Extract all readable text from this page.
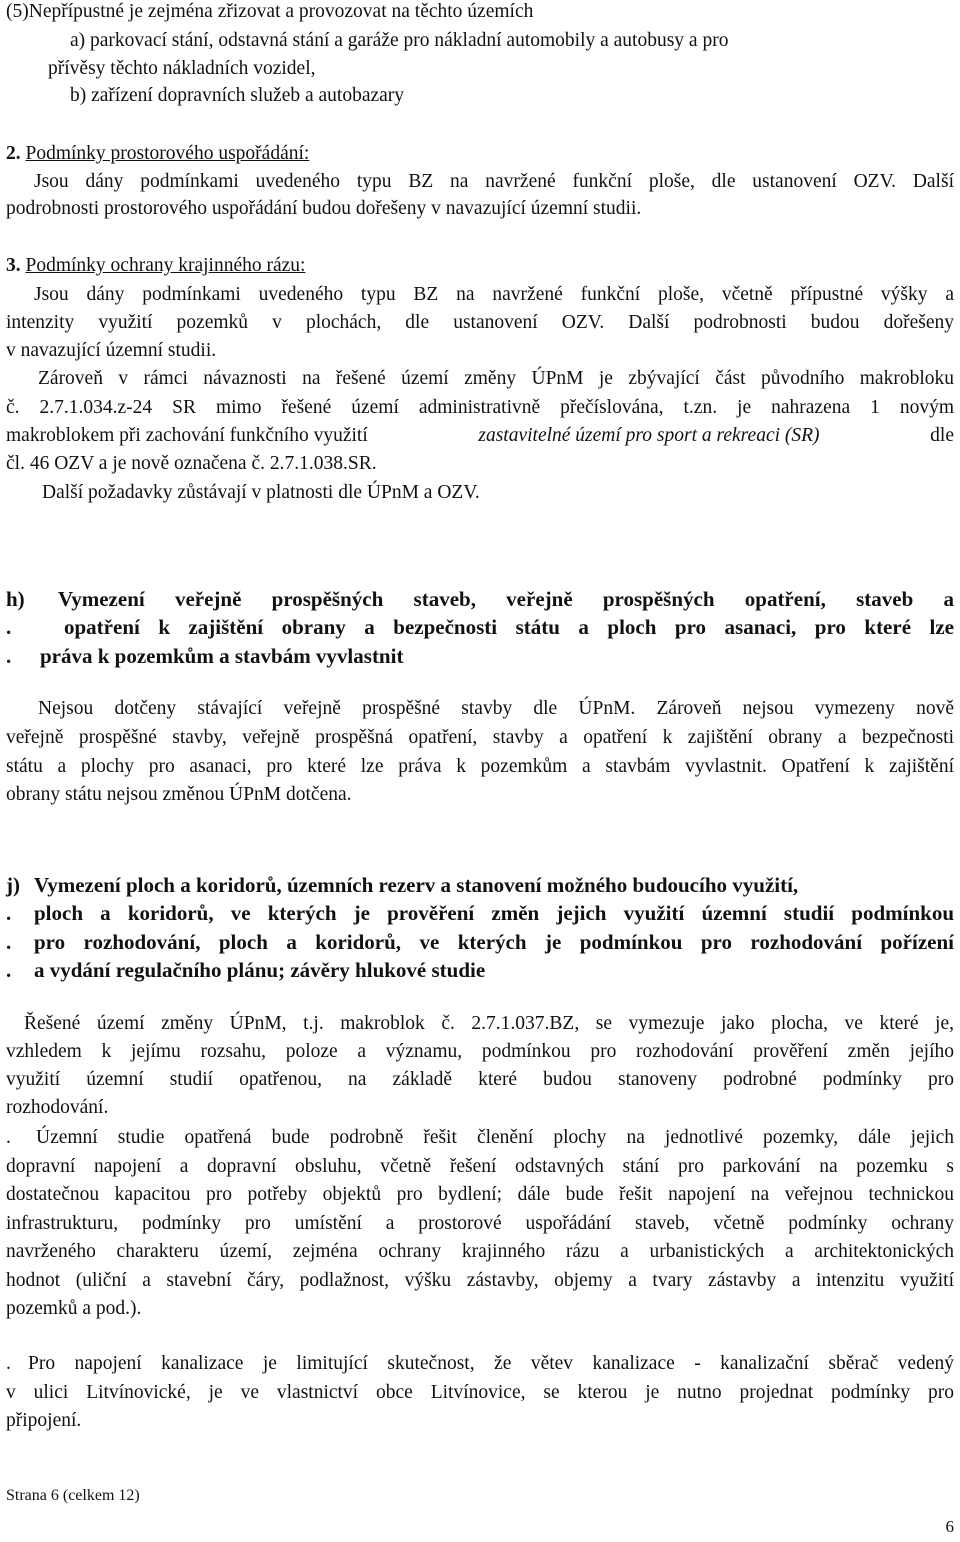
(5)Nepřípustné je zejména zřizovat a provozovat na těchto územích
a) parkovací stání, odstavná stání a garáže pro nákladní automobily a autobusy a pro
přívěsy těchto nákladních vozidel,
b) zařízení dopravních služeb a autobazary
2. Podmínky prostorového uspořádání:
Jsou dány podmínkami uvedeného typu BZ na navržené funkční ploše, dle ustanovení OZV. Další
podrobnosti prostorového uspořádání budou dořešeny v navazující územní studii.
3. Podmínky ochrany krajinného rázu:
Jsou dány podmínkami uvedeného typu BZ na navržené funkční ploše, včetně přípustné výšky a
intenzity využití pozemků v plochách, dle ustanovení OZV. Další podrobnosti budou dořešeny
v navazující územní studii.
Zároveň v rámci návaznosti na řešené území změny ÚPnM je zbývající část původního makrobloku
č. 2.7.1.034.z-24 SR mimo řešené území administrativně přečíslována, t.zn. je nahrazena 1 novým
makroblokem při zachování funkčního využití	zastavitelné území pro sport a rekreaci (SR)	dle
čl. 46 OZV a je nově označena č. 2.7.1.038.SR.
Další požadavky zůstávají v platnosti dle ÚPnM a OZV.
h) Vymezení veřejně prospěšných staveb, veřejně prospěšných opatření, staveb a
.	opatření k zajištění obrany a bezpečnosti státu a ploch pro asanaci, pro které lze
. práva k pozemkům a stavbám vyvlastnit
Nejsou dotčeny stávající veřejně prospěšné stavby dle ÚPnM. Zároveň nejsou vymezeny nově
veřejně prospěšné stavby, veřejně prospěšná opatření, stavby a opatření k zajištění obrany a bezpečnosti
státu a plochy pro asanaci, pro které lze práva k pozemkům a stavbám vyvlastnit. Opatření k zajištění
obrany státu nejsou změnou ÚPnM dotčena.
j) Vymezení ploch a koridorů, územních rezerv a stanovení možného budoucího využití,
. ploch a koridorů, ve kterých je prověření změn jejich využití územní studií podmínkou
. pro rozhodování, ploch a koridorů, ve kterých je podmínkou pro rozhodování pořízení
. a vydání regulačního plánu; závěry hlukové studie
Řešené území změny ÚPnM, t.j. makroblok č. 2.7.1.037.BZ, se vymezuje jako plocha, ve které je,
vzhledem k jejímu rozsahu, poloze a významu, podmínkou pro rozhodování prověření změn jejího
využití územní studií opatřenou, na základě které budou stanoveny podrobné podmínky pro
rozhodování.
. Územní studie opatřená bude podrobně řešit členění plochy na jednotlivé pozemky, dále jejich
dopravní napojení a dopravní obsluhu, včetně řešení odstavných stání pro parkování na pozemku s
dostatečnou kapacitou pro potřeby objektů pro bydlení; dále bude řešit napojení na veřejnou technickou
infrastrukturu, podmínky pro umístění a prostorové uspořádání staveb, včetně podmínky ochrany
navrženého charakteru území, zejména ochrany krajinného rázu a urbanistických a architektonických
hodnot (uliční a stavební čáry, podlažnost, výšku zástavby, objemy a tvary zástavby a intenzitu využití
pozemků a pod.).
. Pro napojení kanalizace je limitující skutečnost, že větev kanalizace - kanalizační sběrač vedený
v ulici Litvínovické, je ve vlastnictví obce Litvínovice, se kterou je nutno projednat podmínky pro
připojení.
Strana 6 (celkem 12)
6
